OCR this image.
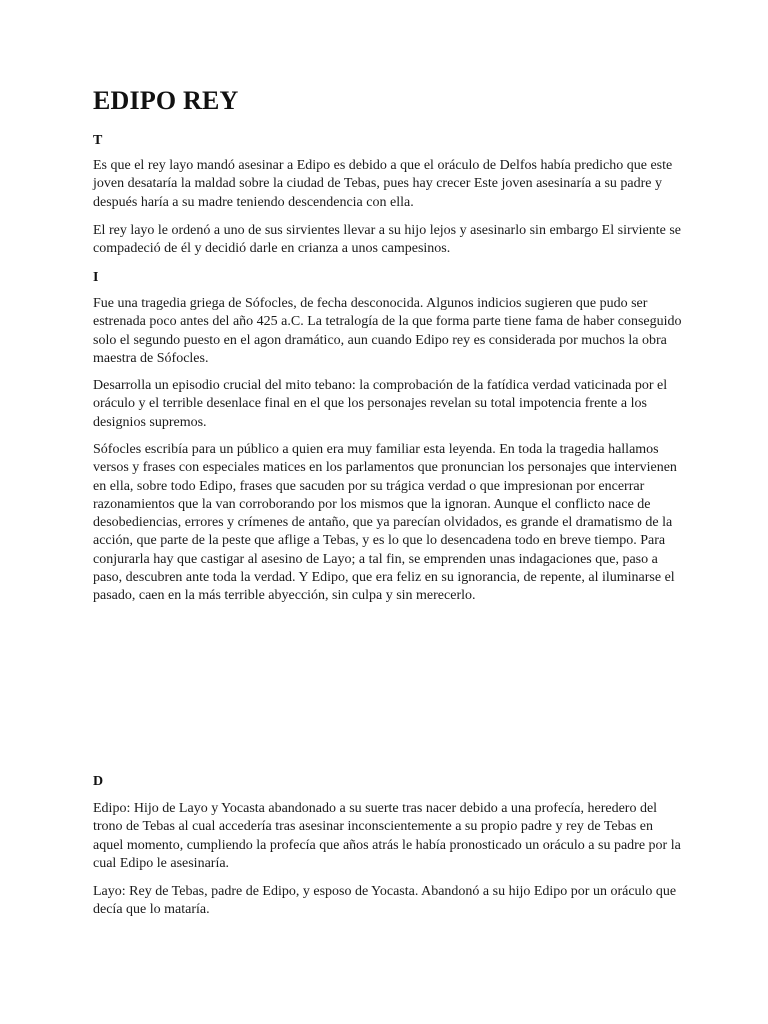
EDIPO REY
T

Es que el rey layo mandó asesinar a Edipo es debido a que el oráculo de Delfos había predicho que este joven desataría la maldad sobre la ciudad de Tebas, pues hay crecer Este joven asesinaría a su padre y después haría a su madre teniendo descendencia con ella.

El rey layo le ordenó a uno de sus sirvientes llevar a su hijo lejos y asesinarlo sin embargo El sirviente se compadeció de él y decidió darle en crianza a unos campesinos.

I

Fue una tragedia griega de Sófocles, de fecha desconocida. Algunos indicios sugieren que pudo ser estrenada poco antes del año 425 a.C. La tetralogía de la que forma parte tiene fama de haber conseguido solo el segundo puesto en el agon dramático, aun cuando Edipo rey es considerada por muchos la obra maestra de Sófocles.

Desarrolla un episodio crucial del mito tebano: la comprobación de la fatídica verdad vaticinada por el oráculo y el terrible desenlace final en el que los personajes revelan su total impotencia frente a los designios supremos.

Sófocles escribía para un público a quien era muy familiar esta leyenda. En toda la tragedia hallamos versos y frases con especiales matices en los parlamentos que pronuncian los personajes que intervienen en ella, sobre todo Edipo, frases que sacuden por su trágica verdad o que impresionan por encerrar razonamientos que la van corroborando por los mismos que la ignoran. Aunque el conflicto nace de desobediencias, errores y crímenes de antaño, que ya parecían olvidados, es grande el dramatismo de la acción, que parte de la peste que aflige a Tebas, y es lo que lo desencadena todo en breve tiempo. Para conjurarla hay que castigar al asesino de Layo; a tal fin, se emprenden unas indagaciones que, paso a paso, descubren ante toda la verdad. Y Edipo, que era feliz en su ignorancia, de repente, al iluminarse el pasado, caen en la más terrible abyección, sin culpa y sin merecerlo.

D

Edipo: Hijo de Layo y Yocasta abandonado a su suerte tras nacer debido a una profecía, heredero del trono de Tebas al cual accedería tras asesinar inconscientemente a su propio padre y rey de Tebas en aquel momento, cumpliendo la profecía que años atrás le había pronosticado un oráculo a su padre por la cual Edipo le asesinaría.

Layo: Rey de Tebas, padre de Edipo, y esposo de Yocasta. Abandonó a su hijo Edipo por un oráculo que decía que lo mataría.
